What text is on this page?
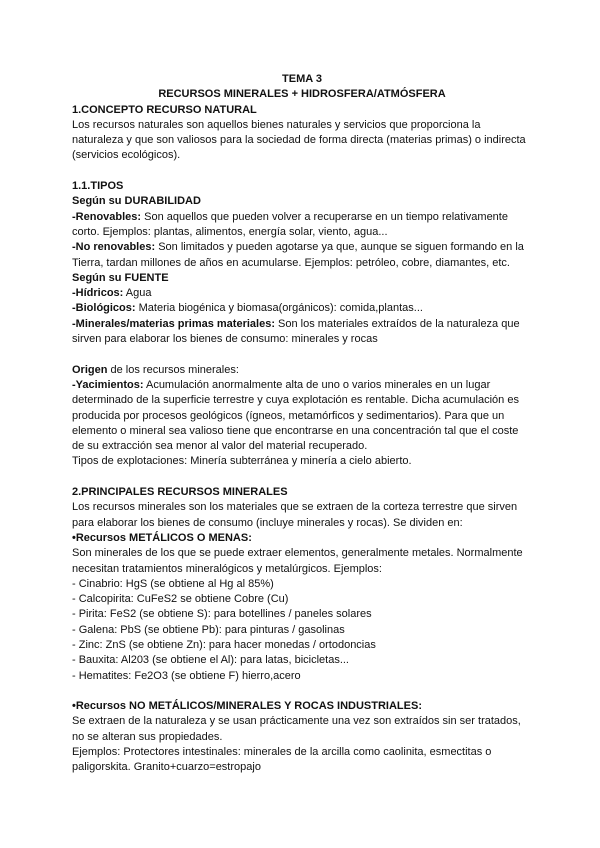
TEMA 3
RECURSOS MINERALES + HIDROSFERA/ATMÓSFERA
1.CONCEPTO RECURSO NATURAL

Los recursos naturales son aquellos bienes naturales y servicios que proporciona la naturaleza y que son valiosos para la sociedad de forma directa (materias primas) o indirecta (servicios ecológicos).

1.1.TIPOS
Según su DURABILIDAD

-Renovables: Son aquellos que pueden volver a recuperarse en un tiempo relativamente corto. Ejemplos: plantas, alimentos, energía solar, viento, agua...

-No renovables: Son limitados y pueden agotarse ya que, aunque se siguen formando en la Tierra, tardan millones de años en acumularse. Ejemplos: petróleo, cobre, diamantes, etc.

Según su FUENTE

-Hídricos: Agua

-Biológicos: Materia biogénica y biomasa(orgánicos): comida,plantas...

-Minerales/materias primas materiales: Son los materiales extraídos de la naturaleza que sirven para elaborar los bienes de consumo: minerales y rocas

Origen de los recursos minerales:

-Yacimientos: Acumulación anormalmente alta de uno o varios minerales en un lugar determinado de la superficie terrestre y cuya explotación es rentable. Dicha acumulación es producida por procesos geológicos (ígneos, metamórficos y sedimentarios). Para que un elemento o mineral sea valioso tiene que encontrarse en una concentración tal que el coste de su extracción sea menor al valor del material recuperado.

Tipos de explotaciones: Minería subterránea y minería a cielo abierto.

2.PRINCIPALES RECURSOS MINERALES

Los recursos minerales son los materiales que se extraen de la corteza terrestre que sirven para elaborar los bienes de consumo (incluye minerales y rocas). Se dividen en:

•Recursos METÁLICOS O MENAS:

Son minerales de los que se puede extraer elementos, generalmente metales. Normalmente necesitan tratamientos mineralógicos y metalúrgicos. Ejemplos:

- Cinabrio: HgS (se obtiene al Hg al 85%)

- Calcopirita: CuFeS2 se obtiene Cobre (Cu)

- Pirita: FeS2 (se obtiene S): para botellines / paneles solares

- Galena: PbS (se obtiene Pb): para pinturas / gasolinas

- Zinc: ZnS (se obtiene Zn): para hacer monedas / ortodoncias

- Bauxita: Al203 (se obtiene el Al): para latas, bicicletas...

- Hematites: Fe2O3 (se obtiene F) hierro,acero

•Recursos NO METÁLICOS/MINERALES Y ROCAS INDUSTRIALES:

Se extraen de la naturaleza y se usan prácticamente una vez son extraídos sin ser tratados, no se alteran sus propiedades.

Ejemplos: Protectores intestinales: minerales de la arcilla como caolinita, esmectitas o paligorskita. Granito+cuarzo=estropajo
